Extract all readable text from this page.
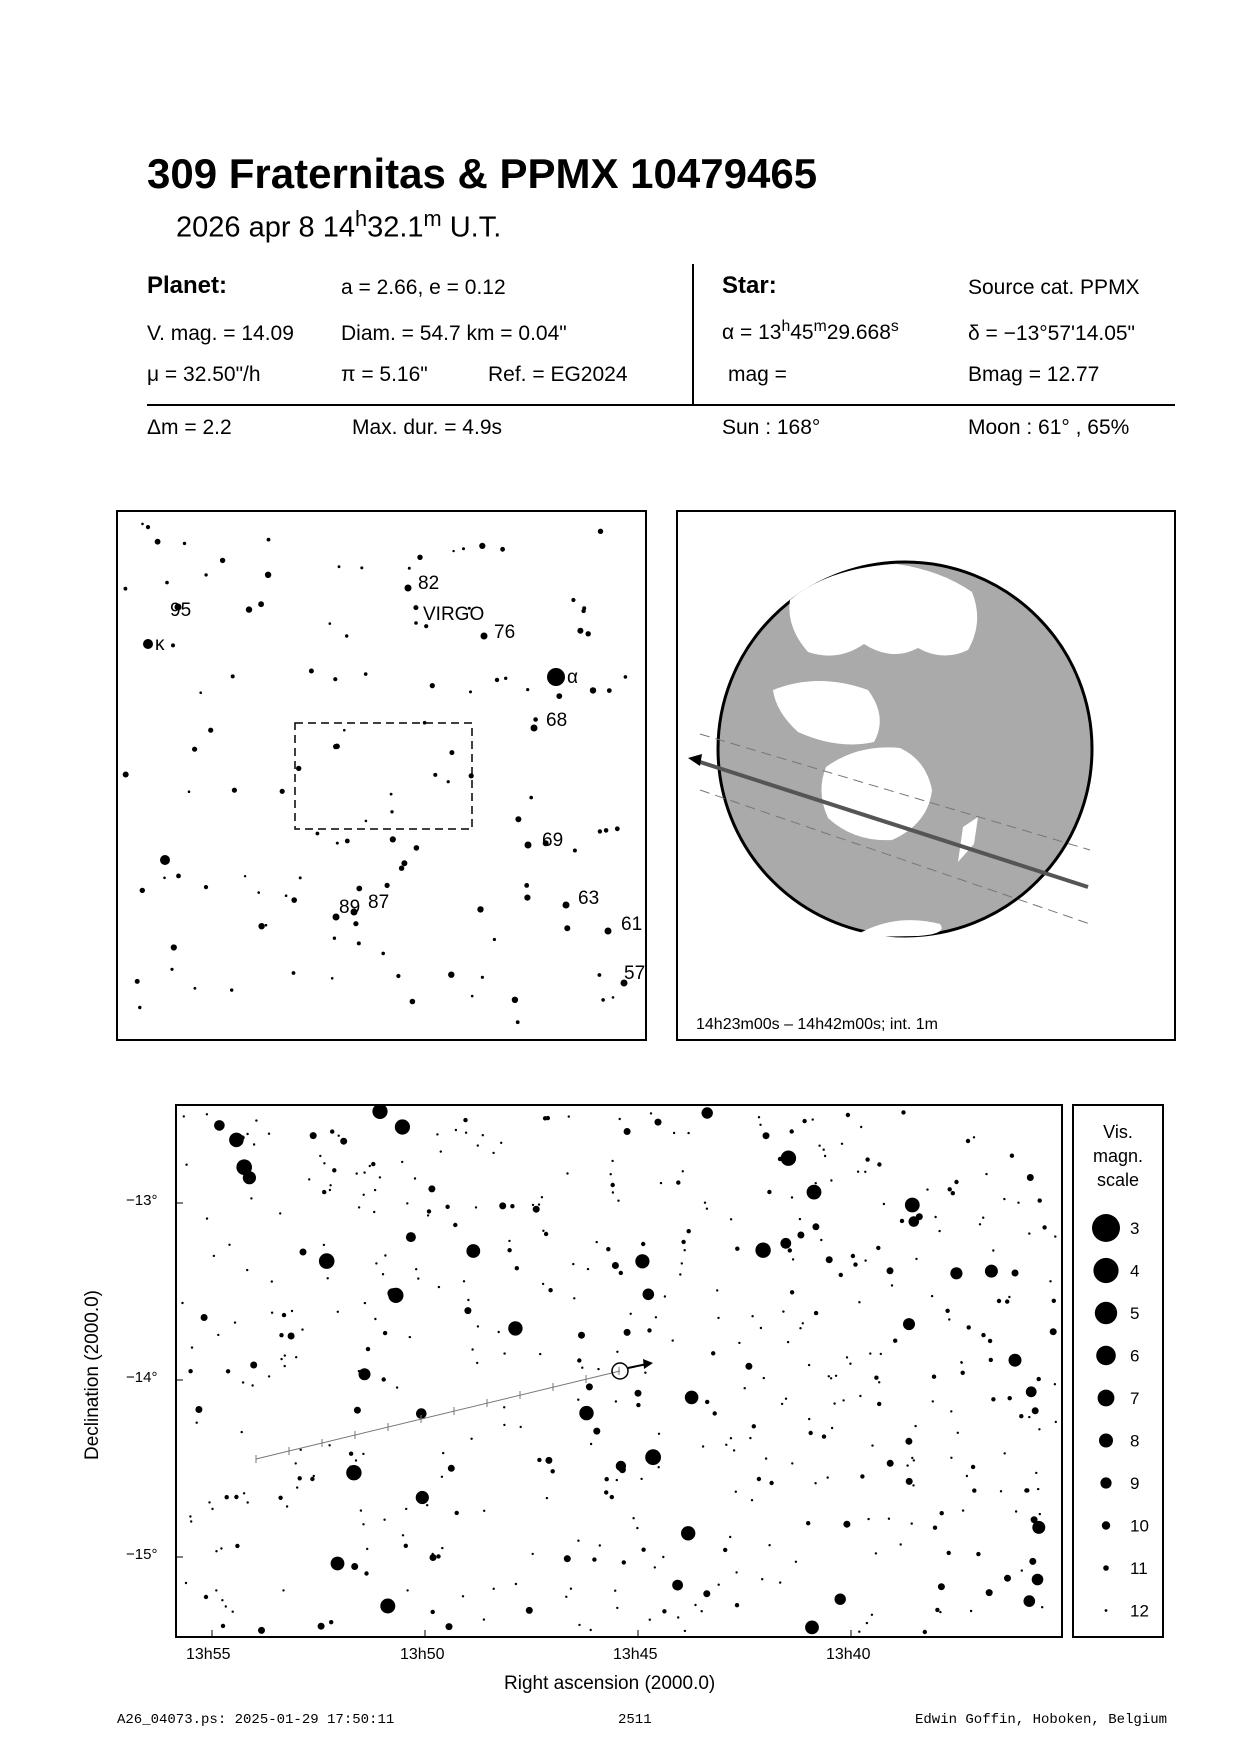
309 Fraternitas & PPMX 10479465
2026 apr 8 14$^h$32.1$^m$ U.T.
Planet:	a = 2.66, e = 0.12
V. mag. = 14.09 Diam. = 54.7 km = 0.04"
μ = 32.50"/h	π = 5.16"	Ref. = EG2024
Star:	Source cat. PPMX
$\alpha = 13^h45^m29.668^s$	δ = −13°57'14.05"
mag =	Bmag = 12.77
Δm = 2.2	Max. dur. = 4.9s	Sun : 168°	Moon : 61° , 65%
82
VIRGO
76
95
κ
α
68
69
63
61
57
89 87
14h23m00s – 14h42m00s; int. 1m
−13°
−14°
−15°
13h55	13h50	13h45	13h40
Right ascension (2000.0)
Declination (2000.0)
Vis.
magn.
scale
3
4
5
6
7
8
9
10
11
12
A26_04073.ps: 2025-01-29 17:50:11	2511	Edwin Goffin, Hoboken, Belgium
